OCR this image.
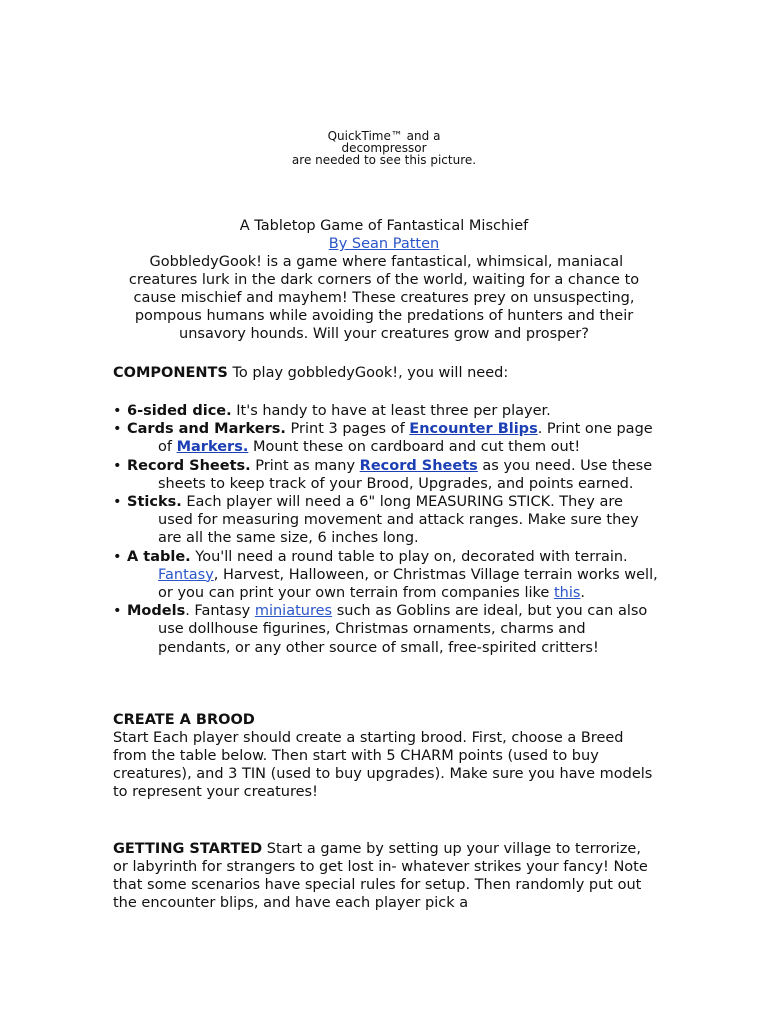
QuickTime™ and a
decompressor
are needed to see this picture.
A Tabletop Game of Fantastical Mischief
By Sean Patten
GobbledyGook! is a game where fantastical, whimsical, maniacal creatures lurk in the dark corners of the world, waiting for a chance to cause mischief and mayhem! These creatures prey on unsuspecting, pompous humans while avoiding the predations of hunters and their unsavory hounds. Will your creatures grow and prosper?
COMPONENTS To play gobbledyGook!, you will need:
• 6-sided dice. It's handy to have at least three per player.
• Cards and Markers. Print 3 pages of Encounter Blips. Print one page of Markers. Mount these on cardboard and cut them out!
• Record Sheets. Print as many Record Sheets as you need. Use these sheets to keep track of your Brood, Upgrades, and points earned.
• Sticks. Each player will need a 6" long MEASURING STICK. They are used for measuring movement and attack ranges. Make sure they are all the same size, 6 inches long.
• A table. You'll need a round table to play on, decorated with terrain. Fantasy, Harvest, Halloween, or Christmas Village terrain works well, or you can print your own terrain from companies like this.
• Models. Fantasy miniatures such as Goblins are ideal, but you can also use dollhouse figurines, Christmas ornaments, charms and pendants, or any other source of small, free-spirited critters!
CREATE A BROOD
Start Each player should create a starting brood. First, choose a Breed from the table below. Then start with 5 CHARM points (used to buy creatures), and 3 TIN (used to buy upgrades). Make sure you have models to represent your creatures!
GETTING STARTED Start a game by setting up your village to terrorize, or labyrinth for strangers to get lost in- whatever strikes your fancy! Note that some scenarios have special rules for setup. Then randomly put out the encounter blips, and have each player pick a
